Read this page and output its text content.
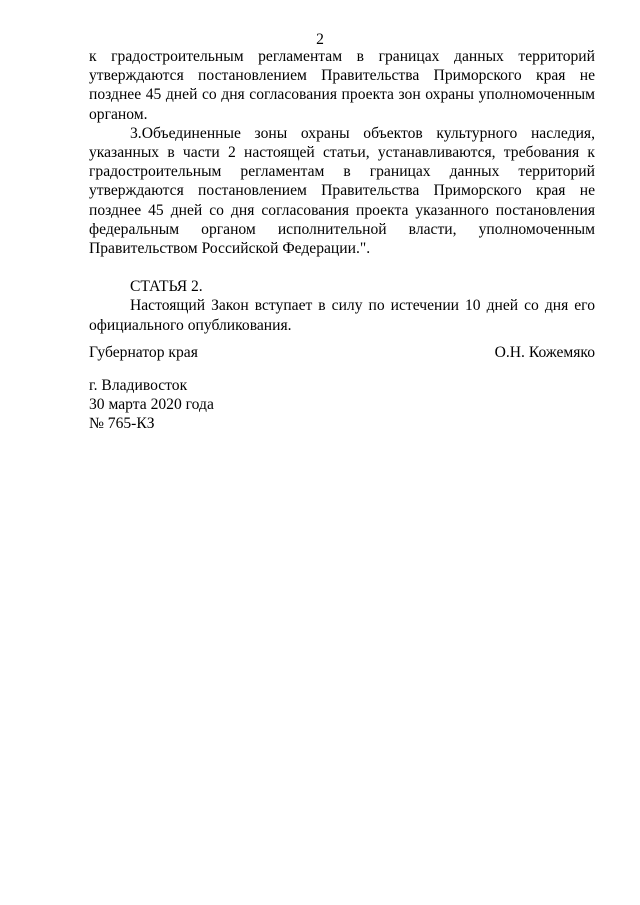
2

к градостроительным регламентам в границах данных территорий утверждаются постановлением Правительства Приморского края не позднее 45 дней со дня согласования проекта зон охраны уполномоченным органом.

3.Объединенные зоны охраны объектов культурного наследия, указанных в части 2 настоящей статьи, устанавливаются, требования к градостроительным регламентам в границах данных территорий утверждаются постановлением Правительства Приморского края не позднее 45 дней со дня согласования проекта указанного постановления федеральным органом исполнительной власти, уполномоченным Правительством Российской Федерации.".

СТАТЬЯ 2.

Настоящий Закон вступает в силу по истечении 10 дней со дня его официального опубликования.

Губернатор края	О.Н. Кожемяко
г. Владивосток
30 марта 2020 года
№ 765-КЗ
